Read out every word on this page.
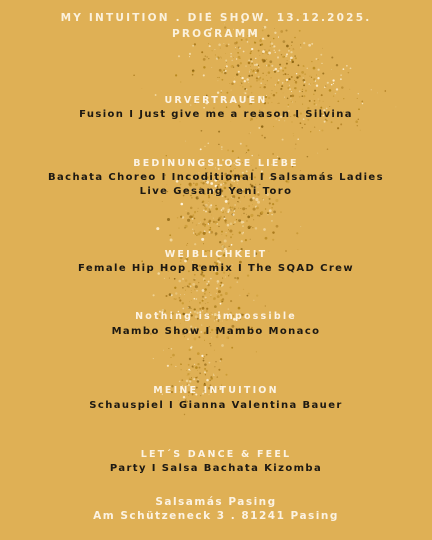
MY INTUITION . DIE SHOW. 13.12.2025.
PROGRAMM
URVERTRAUEN
Fusion I Just give me a reason I Silvina
BEDINUNGSLOSE LIEBE
Bachata Choreo I Incoditional I Salsamás Ladies
Live Gesang Yeni Toro
WEIBLICHKEIT
Female Hip Hop Remix I The SQAD Crew
Nothing is impossible
Mambo Show I Mambo Monaco
MEINE INTUITION
Schauspiel I Gianna Valentina Bauer
LET´S DANCE & FEEL
Party I Salsa Bachata Kizomba
Salsamás Pasing
Am Schützeneck 3 . 81241 Pasing
